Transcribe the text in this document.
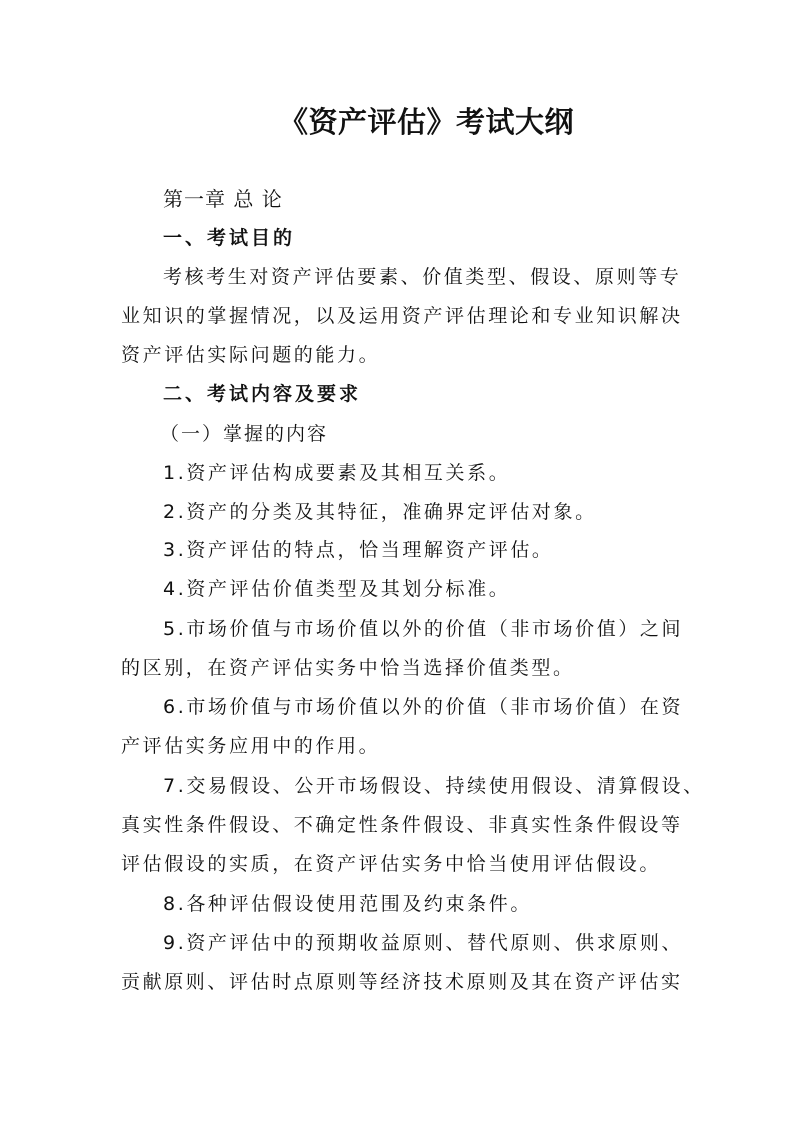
《资产评估》考试大纲
第一章 总 论
一、考试目的
考核考生对资产评估要素、价值类型、假设、原则等专
业知识的掌握情况，以及运用资产评估理论和专业知识解决
资产评估实际问题的能力。
二、考试内容及要求
（一）掌握的内容
1.资产评估构成要素及其相互关系。
2.资产的分类及其特征，准确界定评估对象。
3.资产评估的特点，恰当理解资产评估。
4.资产评估价值类型及其划分标准。
5.市场价值与市场价值以外的价值（非市场价值）之间
的区别，在资产评估实务中恰当选择价值类型。
6.市场价值与市场价值以外的价值（非市场价值）在资
产评估实务应用中的作用。
7.交易假设、公开市场假设、持续使用假设、清算假设、
真实性条件假设、不确定性条件假设、非真实性条件假设等
评估假设的实质，在资产评估实务中恰当使用评估假设。
8.各种评估假设使用范围及约束条件。
9.资产评估中的预期收益原则、替代原则、供求原则、
贡献原则、评估时点原则等经济技术原则及其在资产评估实
